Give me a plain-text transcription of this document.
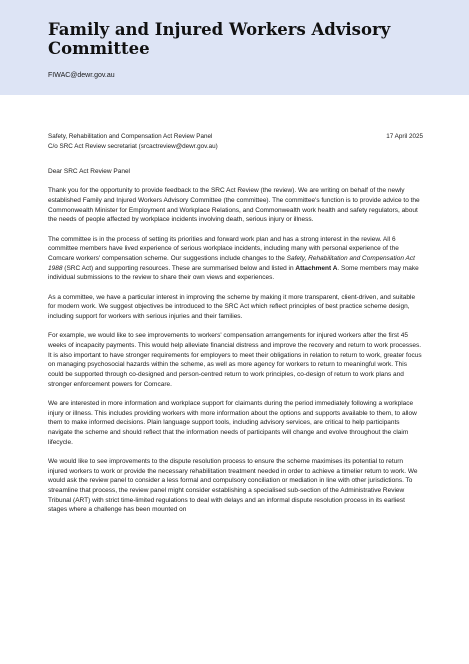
Family and Injured Workers Advisory Committee
FIWAC@dewr.gov.au
Safety, Rehabilitation and Compensation Act Review Panel
C/o SRC Act Review secretariat (srcactreview@dewr.gov.au)
17 April 2025

Dear SRC Act Review Panel

Thank you for the opportunity to provide feedback to the SRC Act Review (the review). We are writing on behalf of the newly established Family and Injured Workers Advisory Committee (the committee). The committee's function is to provide advice to the Commonwealth Minister for Employment and Workplace Relations, and Commonwealth work health and safety regulators, about the needs of people affected by workplace incidents involving death, serious injury or illness.

The committee is in the process of setting its priorities and forward work plan and has a strong interest in the review. All 6 committee members have lived experience of serious workplace incidents, including many with personal experience of the Comcare workers' compensation scheme. Our suggestions include changes to the Safety, Rehabilitation and Compensation Act 1988 (SRC Act) and supporting resources. These are summarised below and listed in Attachment A. Some members may make individual submissions to the review to share their own views and experiences.

As a committee, we have a particular interest in improving the scheme by making it more transparent, client-driven, and suitable for modern work. We suggest objectives be introduced to the SRC Act which reflect principles of best practice scheme design, including support for workers with serious injuries and their families.

For example, we would like to see improvements to workers' compensation arrangements for injured workers after the first 45 weeks of incapacity payments. This would help alleviate financial distress and improve the recovery and return to work processes. It is also important to have stronger requirements for employers to meet their obligations in relation to return to work, greater focus on managing psychosocial hazards within the scheme, as well as more agency for workers to return to meaningful work. This could be supported through co-designed and person-centred return to work principles, co-design of return to work plans and stronger enforcement powers for Comcare.

We are interested in more information and workplace support for claimants during the period immediately following a workplace injury or illness. This includes providing workers with more information about the options and supports available to them, to allow them to make informed decisions. Plain language support tools, including advisory services, are critical to help participants navigate the scheme and should reflect that the information needs of participants will change and evolve throughout the claim lifecycle.

We would like to see improvements to the dispute resolution process to ensure the scheme maximises its potential to return injured workers to work or provide the necessary rehabilitation treatment needed in order to achieve a timelier return to work. We would ask the review panel to consider a less formal and compulsory conciliation or mediation in line with other jurisdictions. To streamline that process, the review panel might consider establishing a specialised sub-section of the Administrative Review Tribunal (ART) with strict time-limited regulations to deal with delays and an informal dispute resolution process in its earliest stages where a challenge has been mounted on
